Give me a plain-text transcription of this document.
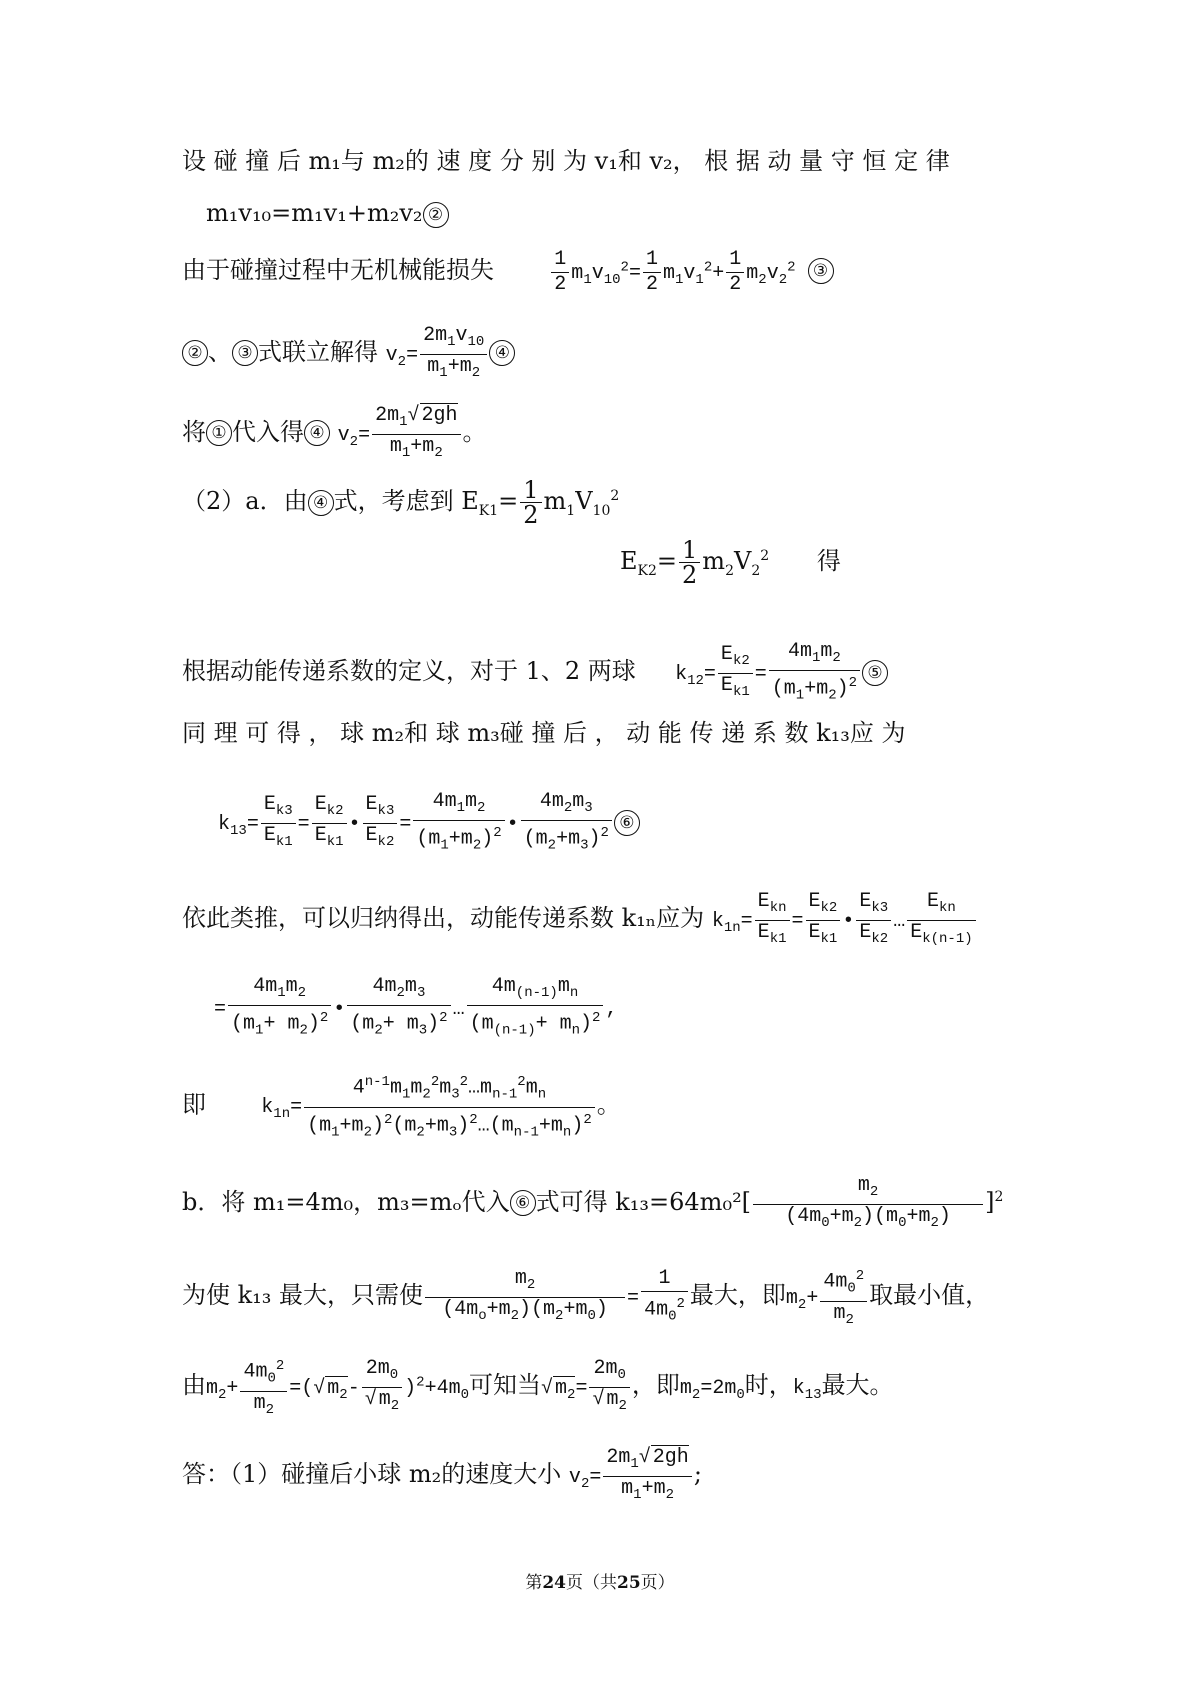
设 碰 撞 后 m₁与 m₂的 速 度 分 别 为 v₁和 v₂， 根 据 动 量 守 恒 定 律
m₁v₁₀=m₁v₁+m₂v₂ ②
由于碰撞过程中无机械能损失	$\frac{1}{2} m_1v_{10}^2= \frac{1}{2} m_1v_1^2+ \frac{1}{2} m_2v_2^2$ ③
② 、 ③ 式联立解得 $v_2= \frac{2m_1v_{10}}{m_1+m_2}$ ④
将 ① 代入得 ④ $v_2= \frac{2m_1√ 2gh}{m_1+m_2}$ 。
（2）a．由 ④ 式，考虑到 $E_{K1}= \frac{1}{2} m_1V_{10}^2$
$E_{K2}= \frac{1}{2} m_2V_2^2$ 得
根据动能传递系数的定义，对于 1、2 两球 $k_{12}= \frac{E_{k2}}{E_{k1}} = \frac{4m_1m_2}{(m_1+m_2)^2}$ ⑤
同 理 可 得 ， 球 m₂和 球 m₃碰 撞 后 ， 动 能 传 递 系 数 k₁₃应 为
$k_{13}= \frac{E_{k3}}{E_{k1}} = \frac{E_{k2}}{E_{k1}}$ • $\frac{E_{k3}}{E_{k2}} = \frac{4m_1m_2}{(m_1+m_2)^2}$ • $\frac{4m_2m_3}{(m_2+m_3)^2}$ ⑥
依此类推，可以归纳得出，动能传递系数 k₁ₙ应为 $k_{1n}= \frac{E_{kn}}{E_{k1}} = \frac{E_{k2}}{E_{k1}}$ • $\frac{E_{k3}}{E_{k2}}$ … $\frac{E_{kn}}{E_{k(n-1)}}$
= $\frac{4m_1m_2}{(m_1+ m_2)^2}$ • $\frac{4m_2m_3}{(m_2+ m_3)^2}$ … $\frac{4m_{(n-1)}m_n}{(m_{(n-1)}+ m_n)^2}$ ,
即	$k_{1n}= \frac{4^{n-1}m_1m_2^2m_3^2\dots m_{n-1}^2m_n}{(m_1+m_2)^2(m_2+m_3)^2\dots(m_{n-1}+m_n)^2}$ 。
b．将 m₁=4m₀，m₃=mₒ代入 ⑥ 式可得 $k_{13}=64m_0^2[ \frac{m_2}{(4m_0+m_2)(m_0+m_2)} ]^2$
为使 k₁₃ 最大，只需使 $\frac{m_2}{(4m_o+m_2)(m_2+m_0)} = \frac{1}{4m_0^2}$ 最大，即$m_2+ \frac{4m_0^2}{m_2}$ 取最小值，
由$m_2+ \frac{4m_0^2}{m_2}$ =(√ $m_2- \frac{2m_0}{√ m_2} )^2+4m_0$可知当√ $m_2= \frac{2m_0}{√ m_2}$ ，即$m_2=2m_0$时，$k_{13}$最大。
答：（1）碰撞后小球 m₂的速度大小 $v_2= \frac{2m_1√ 2gh}{m_1+m_2}$ ;
第24页（共25页）
